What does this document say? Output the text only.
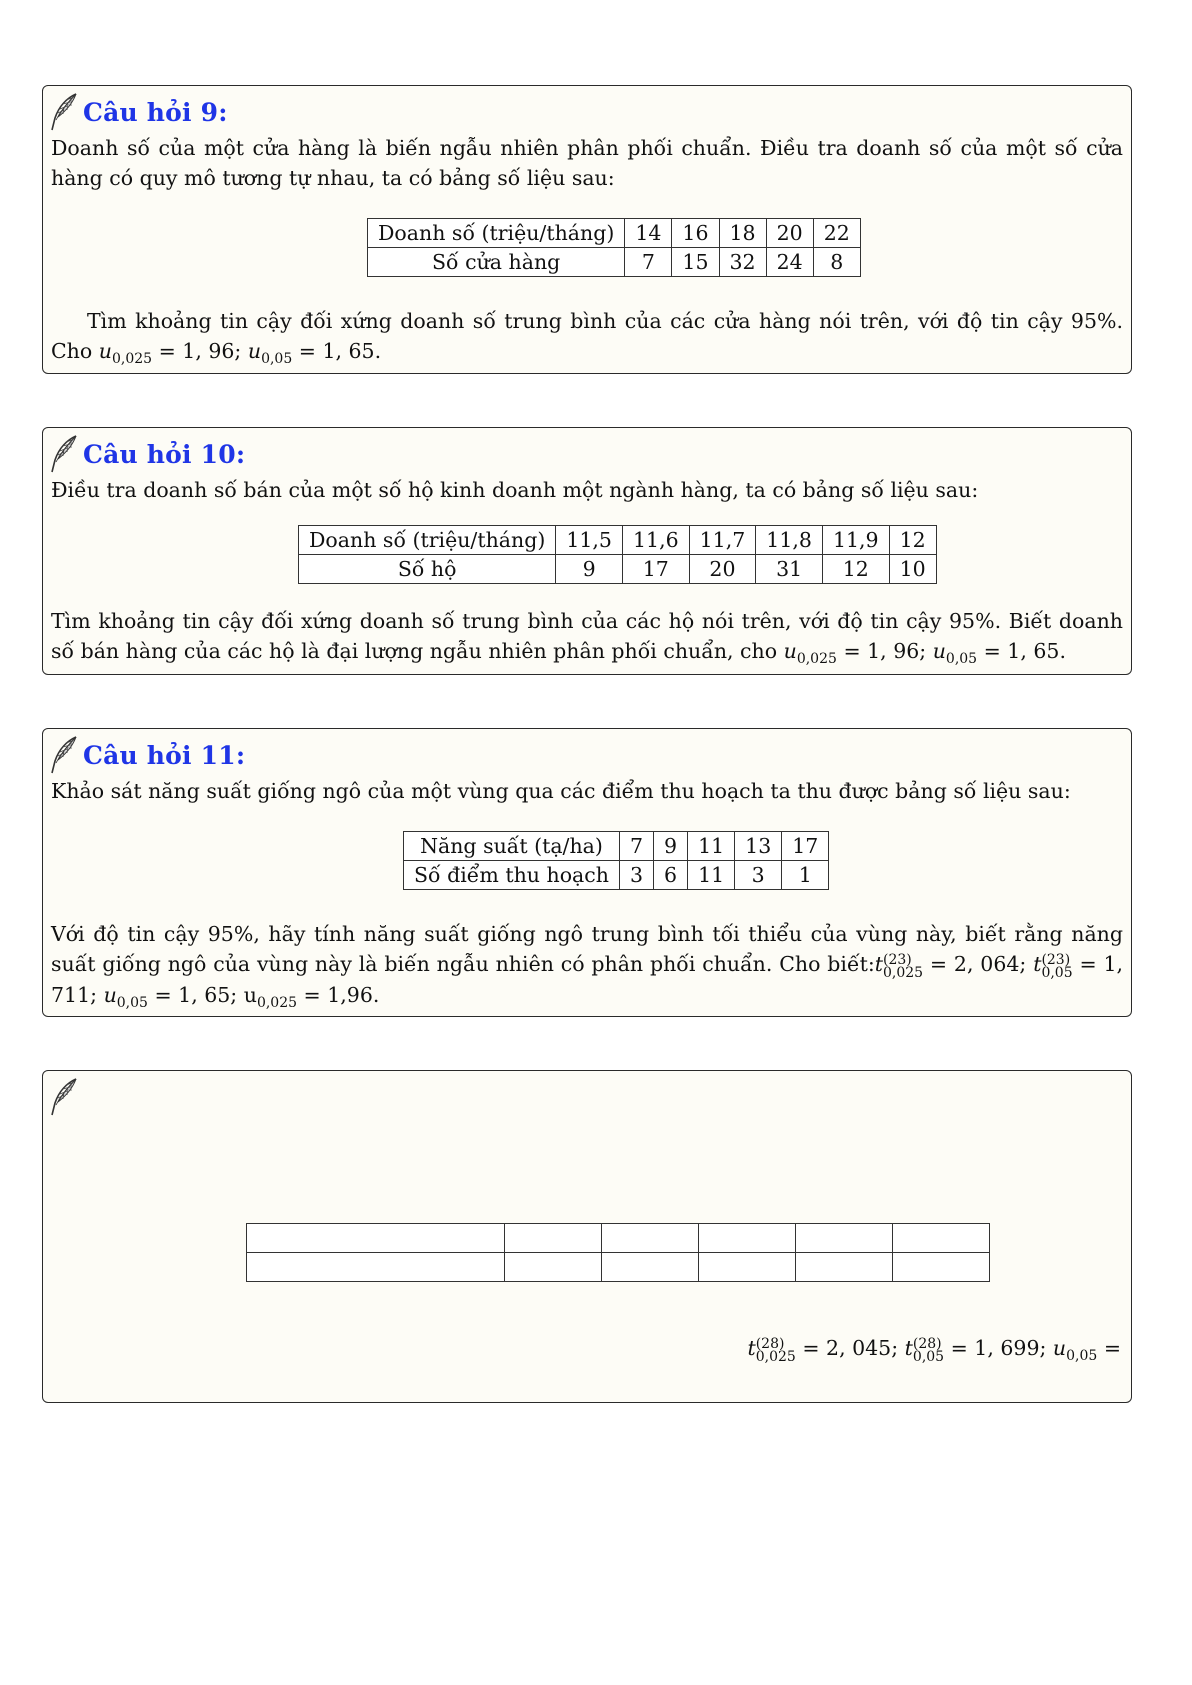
Câu hỏi 9:

Doanh số của một cửa hàng là biến ngẫu nhiên phân phối chuẩn. Điều tra doanh số của một số cửa hàng có quy mô tương tự nhau, ta có bảng số liệu sau:

Doanh số (triệu/tháng)	14	16	18	20	22
Số cửa hàng	7	15	32	24	8

Tìm khoảng tin cậy đối xứng doanh số trung bình của các cửa hàng nói trên, với độ tin cậy 95%. Cho $u_{0,025} = 1$, 96; $u_{0,05} = 1$, 65.

Câu hỏi 10:

Điều tra doanh số bán của một số hộ kinh doanh một ngành hàng, ta có bảng số liệu sau:

Doanh số (triệu/tháng)	11,5	11,6	11,7	11,8	11,9	12
Số hộ	9	17	20	31	12	10

Tìm khoảng tin cậy đối xứng doanh số trung bình của các hộ nói trên, với độ tin cậy 95%. Biết doanh số bán hàng của các hộ là đại lượng ngẫu nhiên phân phối chuẩn, cho $u_{0,025} = 1$, 96; $u_{0,05} = 1$, 65.

Câu hỏi 11:

Khảo sát năng suất giống ngô của một vùng qua các điểm thu hoạch ta thu được bảng số liệu sau:

Năng suất (tạ/ha)	7	9	11	13	17
Số điểm thu hoạch	3	6	11	3	1

Với độ tin cậy 95%, hãy tính năng suất giống ngô trung bình tối thiểu của vùng này, biết rằng năng suất giống ngô của vùng này là biến ngẫu nhiên có phân phối chuẩn. Cho biết:t (23)
0,025 = 2, 064; t (23)
0,05 = 1, 711; $u_{0,05} = 1$, 65; $u_{0,025} = 1,96$.

t (28)
0,025 = 2, 045; t (28)
0,05 = 1, 699; $u_{0,05}$ =
